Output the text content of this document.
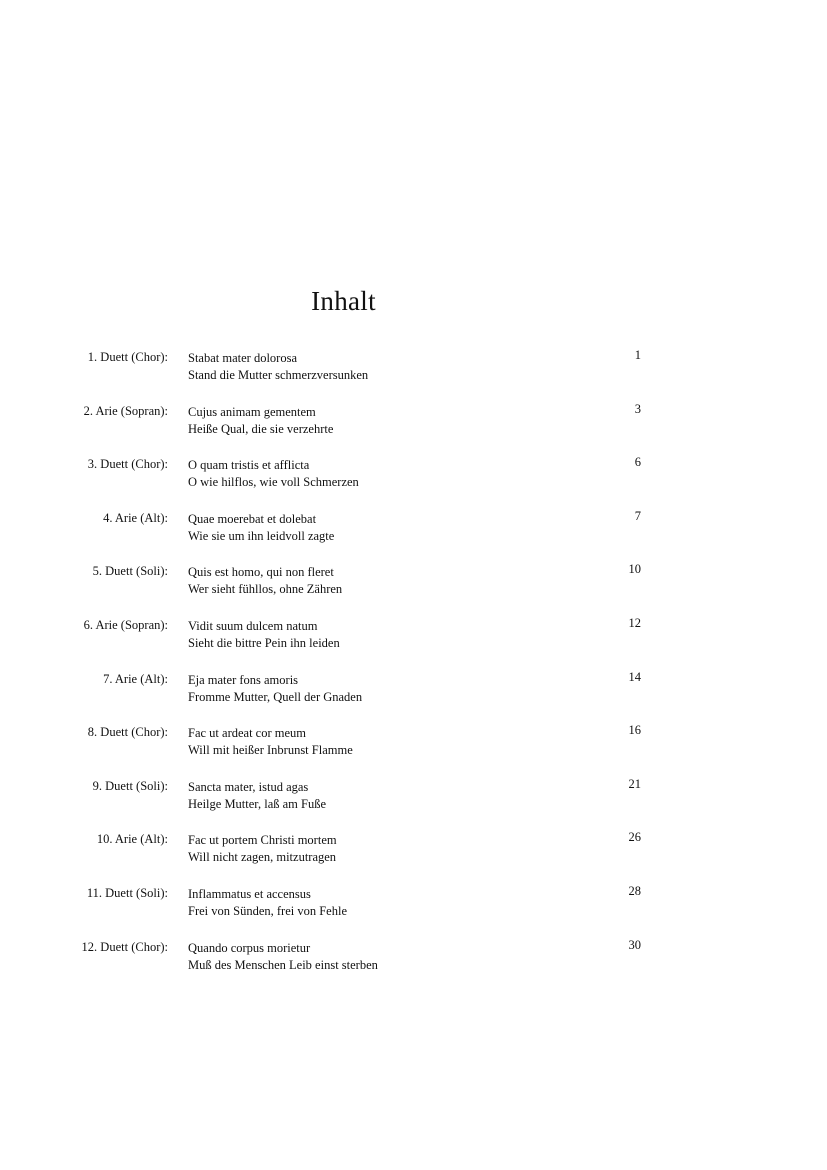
Inhalt
1. Duett (Chor): Stabat mater dolorosa
Stand die Mutter schmerzversunken
1
2. Arie (Sopran): Cujus animam gementem
Heiße Qual, die sie verzehrte
3
3. Duett (Chor): O quam tristis et afflicta
O wie hilflos, wie voll Schmerzen
6
4. Arie (Alt): Quae moerebat et dolebat
Wie sie um ihn leidvoll zagte
7
5. Duett (Soli): Quis est homo, qui non fleret
Wer sieht fühllos, ohne Zähren
10
6. Arie (Sopran): Vidit suum dulcem natum
Sieht die bittre Pein ihn leiden
12
7. Arie (Alt): Eja mater fons amoris
Fromme Mutter, Quell der Gnaden
14
8. Duett (Chor): Fac ut ardeat cor meum
Will mit heißer Inbrunst Flamme
16
9. Duett (Soli): Sancta mater, istud agas
Heilge Mutter, laß am Fuße
21
10. Arie (Alt): Fac ut portem Christi mortem
Will nicht zagen, mitzutragen
26
11. Duett (Soli): Inflammatus et accensus
Frei von Sünden, frei von Fehle
28
12. Duett (Chor): Quando corpus morietur
Muß des Menschen Leib einst sterben
30
